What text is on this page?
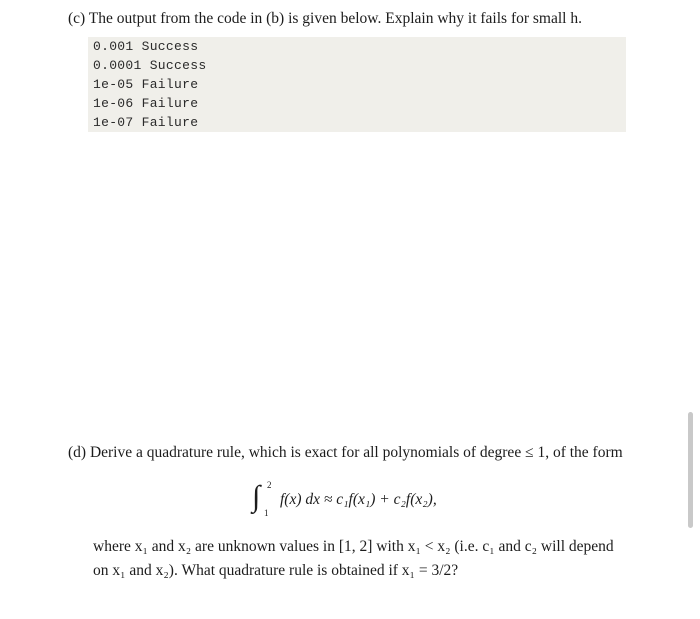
(c) The output from the code in (b) is given below. Explain why it fails for small h.
0.001 Success
0.0001 Success
1e-05 Failure
1e-06 Failure
1e-07 Failure
(d) Derive a quadrature rule, which is exact for all polynomials of degree ≤ 1, of the form
∫ 2
1
f(x) dx ≈ c₁f(x₁) + c₂f(x₂),
where x₁ and x₂ are unknown values in [1, 2] with x₁ < x₂ (i.e. c₁ and c₂ will depend
on x₁ and x₂). What quadrature rule is obtained if x₁ = 3/2?
